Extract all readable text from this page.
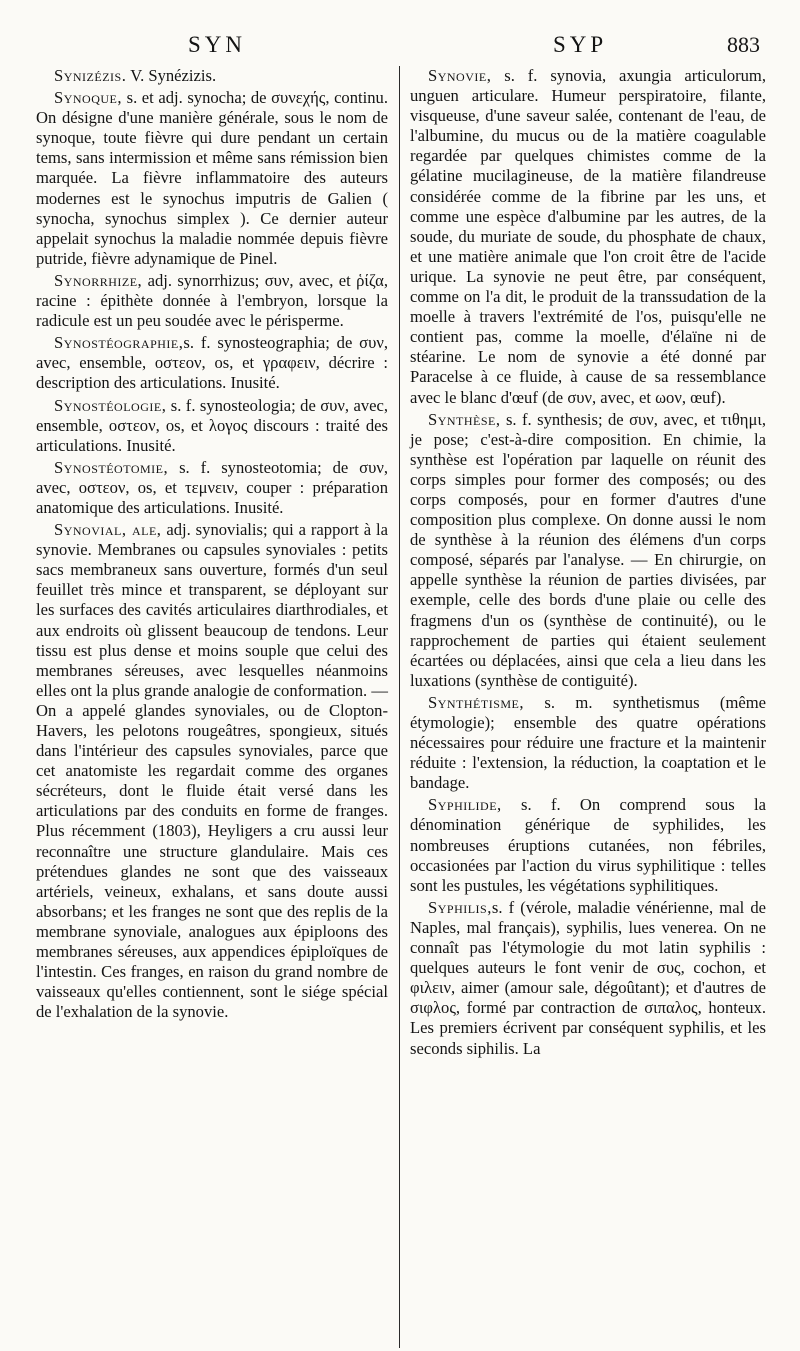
SYN	SYP	883

Synizézis. V. Synézizis.

Synoque, s. et adj. synocha; de συνεχής, continu. On désigne d'une manière générale, sous le nom de synoque, toute fièvre qui dure pendant un certain tems, sans intermission et même sans rémission bien marquée. La fièvre inflammatoire des auteurs modernes est le synochus imputris de Galien ( synocha, synochus simplex ). Ce dernier auteur appelait synochus la maladie nommée depuis fièvre putride, fièvre adynamique de Pinel.

Synorrhize, adj. synorrhizus; συν, avec, et ῥίζα, racine : épithète donnée à l'embryon, lorsque la radicule est un peu soudée avec le périsperme.

Synostéographie,s. f. synosteographia; de συν, avec, ensemble, οστεον, os, et γραφειν, décrire : description des articulations. Inusité.

Synostéologie, s. f. synosteologia; de συν, avec, ensemble, οστεον, os, et λογος discours : traité des articulations. Inusité.

Synostéotomie, s. f. synosteotomia; de συν, avec, οστεον, os, et τεμνειν, couper : préparation anatomique des articulations. Inusité.

Synovial, ale, adj. synovialis; qui a rapport à la synovie. Membranes ou capsules synoviales : petits sacs membraneux sans ouverture, formés d'un seul feuillet très mince et transparent, se déployant sur les surfaces des cavités articulaires diarthrodiales, et aux endroits où glissent beaucoup de tendons. Leur tissu est plus dense et moins souple que celui des membranes séreuses, avec lesquelles néanmoins elles ont la plus grande analogie de conformation. — On a appelé glandes synoviales, ou de Clopton-Havers, les pelotons rougeâtres, spongieux, situés dans l'intérieur des capsules synoviales, parce que cet anatomiste les regardait comme des organes sécréteurs, dont le fluide était versé dans les articulations par des conduits en forme de franges. Plus récemment (1803), Heyligers a cru aussi leur reconnaître une structure glandulaire. Mais ces prétendues glandes ne sont que des vaisseaux artériels, veineux, exhalans, et sans doute aussi absorbans; et les franges ne sont que des replis de la membrane synoviale, analogues aux épiploons des membranes séreuses, aux appendices épiploïques de l'intestin. Ces franges, en raison du grand nombre de vaisseaux qu'elles contiennent, sont le siége spécial de l'exhalation de la synovie.

Synovie, s. f. synovia, axungia articulorum, unguen articulare. Humeur perspiratoire, filante, visqueuse, d'une saveur salée, contenant de l'eau, de l'albumine, du mucus ou de la matière coagulable regardée par quelques chimistes comme de la gélatine mucilagineuse, de la matière filandreuse considérée comme de la fibrine par les uns, et comme une espèce d'albumine par les autres, de la soude, du muriate de soude, du phosphate de chaux, et une matière animale que l'on croit être de l'acide urique. La synovie ne peut être, par conséquent, comme on l'a dit, le produit de la transsudation de la moelle à travers l'extrémité de l'os, puisqu'elle ne contient pas, comme la moelle, d'élaïne ni de stéarine. Le nom de synovie a été donné par Paracelse à ce fluide, à cause de sa ressemblance avec le blanc d'œuf (de συν, avec, et ωον, œuf).

Synthèse, s. f. synthesis; de συν, avec, et τιθημι, je pose; c'est-à-dire composition. En chimie, la synthèse est l'opération par laquelle on réunit des corps simples pour former des composés; ou des corps composés, pour en former d'autres d'une composition plus complexe. On donne aussi le nom de synthèse à la réunion des élémens d'un corps composé, séparés par l'analyse. — En chirurgie, on appelle synthèse la réunion de parties divisées, par exemple, celle des bords d'une plaie ou celle des fragmens d'un os (synthèse de continuité), ou le rapprochement de parties qui étaient seulement écartées ou déplacées, ainsi que cela a lieu dans les luxations (synthèse de contiguité).

Synthétisme, s. m. synthetismus (même étymologie); ensemble des quatre opérations nécessaires pour réduire une fracture et la maintenir réduite : l'extension, la réduction, la coaptation et le bandage.

Syphilide, s. f. On comprend sous la dénomination générique de syphilides, les nombreuses éruptions cutanées, non fébriles, occasionées par l'action du virus syphilitique : telles sont les pustules, les végétations syphilitiques.

Syphilis,s. f (vérole, maladie vénérienne, mal de Naples, mal français), syphilis, lues venerea. On ne connaît pas l'étymologie du mot latin syphilis : quelques auteurs le font venir de συς, cochon, et φιλειν, aimer (amour sale, dégoûtant); et d'autres de σιφλος, formé par contraction de σιπαλος, honteux. Les premiers écrivent par conséquent syphilis, et les seconds siphilis. La
